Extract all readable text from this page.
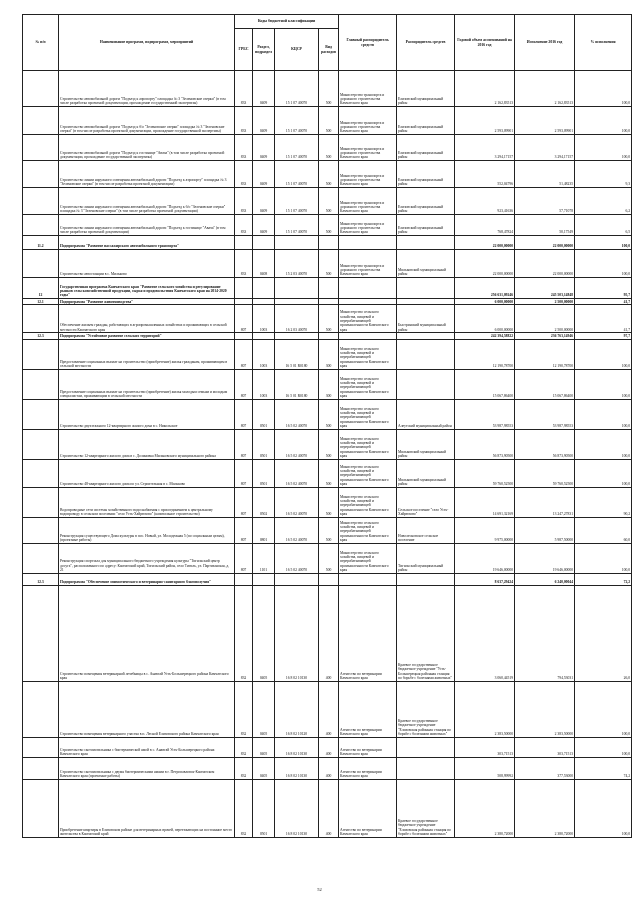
№ п/п	Наименование программ, подпрограмм, мероприятий	Коды бюджетной классификации				Главный распорядитель средств	Распорядитель средств	Годовой объем ассигнований на 2016 год	Исполнение 2016 год	% исполнения
		ГРБС	Раздел, подраздел	КЦСР	Вид расходов					
	Строительство автомобильной дороги "Подъезд к аэропорту" площадка № 3 "Зеленовские озерки" (в том числе разработка проектной документации, прохождение государственной экспертизы)	833	0409	15 1 07 40070	500	Министерство транспорта и дорожного строительства Камчатского края	Елизовский муниципальный район	2 162,83513	2 162,83513	100,0
	Строительство автомобильной дороги "Подъезд к б/о "Зеленовские озерки" площадка № 3 "Зеленовские озерки" (в том числе разработка проектной документации, прохождение государственной экспертизы)	833	0409	15 1 07 40070	500	Министерство транспорта и дорожного строительства Камчатского края	Елизовский муниципальный район	2 593,09901	2 593,09901	100,0
	Строительство автомобильной дороги "Подъезд к гостинице "Авача" (в том числе разработка проектной документации, прохождение государственной экспертизы)	833	0409	15 1 07 40070	500	Министерство транспорта и дорожного строительства Камчатского края	Елизовский муниципальный район	3 294,17157	3 294,17157	100,0
	Строительство линии наружного освещения автомобильной дороги "Подъезд к аэропорту" площадка № 3 "Зеленовские озерки" (в том числе разработка проектной документации)	833	0409	15 1 07 40070	500	Министерство транспорта и дорожного строительства Камчатского края	Елизовский муниципальный район	552,04796	51,48235	9,3
	Строительство линии наружного освещения автомобильной дороги "Подъезд к б/о "Зеленовские озерки" площадка № 3 "Зеленовские озерки" (в том числе разработка проектной документации)	833	0409	15 1 07 40070	500	Министерство транспорта и дорожного строительства Камчатского края	Елизовский муниципальный район	923,41636	57,71078	6,2
	Строительство линии наружного освещения автомобильной дороги "Подъезд к гостинице "Авача" (в том числе разработка проектной документации)	833	0409	15 1 07 40070	500	Министерство транспорта и дорожного строительства Камчатского края	Елизовский муниципальный район	768,47824	50,17549	6,5
11.2	Подпрограмма "Развитие пассажирского автомобильного транспорта"							22 000,00000	22 000,00000	100,0
	Строительство автостанции в с. Мильково	833	0408	15 2 03 40070	500	Министерство транспорта и дорожного строительства Камчатского края	Мильковский муниципальный район	22 000,00000	22 000,00000	100,0
12	Государственная программа Камчатского края "Развитие сельского хозяйства и регулирование рынков сельскохозяйственной продукции, сырья и продовольствия Камчатского края на 2014-2020 годы"							256 631,09246	245 503,14848	95,7
12.1	Подпрограмма "Развитие животноводства"							6 000,00000	2 500,00000	41,7
	Обеспечение жильем граждан, работающих в агропромышленных хозяйствах и проживающих в сельской местности Камчатского края	807	1003	16 2 03 40070	500	Министерство сельского хозяйства, пищевой и перерабатывающей промышленности Камчатского края	Быстринский муниципальный район	6 000,00000	2 500,00000	41,7
12.3	Подпрограмма "Устойчивое развитие сельских территорий"							242 394,58822	236 763,14946	97,7
	Предоставление социальных выплат на строительство (приобретение) жилья гражданам, проживающим в сельской местности	807	1003	16 5 01 R0180	300	Министерство сельского хозяйства, пищевой и перерабатывающей промышленности Камчатского края		12 190,78700	12 190,78700	100,0
	Предоставление социальных выплат на строительство (приобретение) жилья молодым семьям и молодым специалистам, проживающим в сельской местности	807	1003	16 5 01 R0180	300	Министерство сельского хозяйства, пищевой и перерабатывающей промышленности Камчатского края		15 067,86400	15 067,86400	100,0
	Строительство двухэтажного 12-квартирного жилого дома в с. Никольское	807	0501	16 5 02 40070	500	Министерство сельского хозяйства, пищевой и перерабатывающей промышленности Камчатского края	Алеутский муниципальный район	53 987,98553	53 987,98553	100,0
	Строительство 12-квартирного жилого дома в с. Долиновка Мильковского муниципального района	807	0501	16 5 02 40070	500	Министерство сельского хозяйства, пищевой и перерабатывающей промышленности Камчатского края	Мильковский муниципальный район	56 873,90500	56 873,90500	100,0
	Строительство 48-квартирного жилого дома по ул. Строительная в с. Мильково	807	0501	16 5 02 40070	500	Министерство сельского хозяйства, пищевой и перерабатывающей промышленности Камчатского края	Мильковский муниципальный район	59 760,52500	59 760,52500	100,0
	Водопроводные сети системы хозяйственного водоснабжения с присоединением к центральному водопроводу в сельском поселении "село Усть-Хайрюзово" (капитальное строительство)	807	0502	16 5 02 40070	500	Министерство сельского хозяйства, пищевой и перерабатывающей промышленности Камчатского края	Сельское поселение "село Усть-Хайрюзово"	14 691,32169	13 247,27831	90,2
	Реконструкция существующего Дома культуры в пос. Новый, ул. Молодежная 5 (по социальным целям), (проектные работы)	807	0801	16 5 02 40070	500	Министерство сельского хозяйства, пищевой и перерабатывающей промышленности Камчатского края	Новолесновское сельское поселение	9 975,00000	5 987,50000	60,0
	Реконструкция спортзала для муниципального бюджетного учреждения культуры "Тигильский центр досуга", расположенного по адресу: Камчатский край, Тигильский район, село Тигиль, ул. Партизанская, д. 21	807	1101	16 5 02 40070	500	Министерство сельского хозяйства, пищевой и перерабатывающей промышленности Камчатского края	Тигильский муниципальный район	19 646,00000	19 646,00000	100,0
12.3	Подпрограмма "Обеспечение эпизоотического и ветеринарно-санитарного благополучия"							8 637,29424	6 240,00044	72,2
	Строительство помещения ветеринарной лечебницы в с. Анавгай Усть-Большерецкого района Камчатского края	832	0405	16 8 02 10130	400	Агентство по ветеринарии Камчатского края	Краевое государственное бюджетное учреждение "Усть-Большерецкая районная станция по борьбе с болезнями животных"	3 060,44519	794,53031	26,0
	Строительство помещения ветеринарного участка в п. Лесной Елизовского района Камчатского края	832	0405	16 8 02 10120	400	Агентство по ветеринарии Камчатского края	Краевое государственное бюджетное учреждение "Елизовская районная станция по борьбе с болезнями животных"	2 383,50000	2 383,50000	100,0
	Строительство скотомогильника с биотермической ямой в с. Анавгай Усть-Большерецкого района Камчатского края	832	0405	16 8 02 10130	400	Агентство по ветеринарии Камчатского края		303,71513	303,71513	100,0
	Строительство скотомогильника с двумя биотермическими ямами в г. Петропавловск-Камчатском Камчатского края (проектные работы)	832	0405	16 8 02 10130	400	Агентство по ветеринарии Камчатского края		508,99992	377,53000	74,2
	Приобретение квартиры в Елизовском районе для ветеринарных врачей, переезжающих на постоянное место жительства в Камчатский край	832	0501	16 8 02 10130	400	Агентство по ветеринарии Камчатского края	Краевое государственное бюджетное учреждение "Елизовская районная станция по борьбе с болезнями животных"	2 380,72000	2 380,72000	100,0
52
